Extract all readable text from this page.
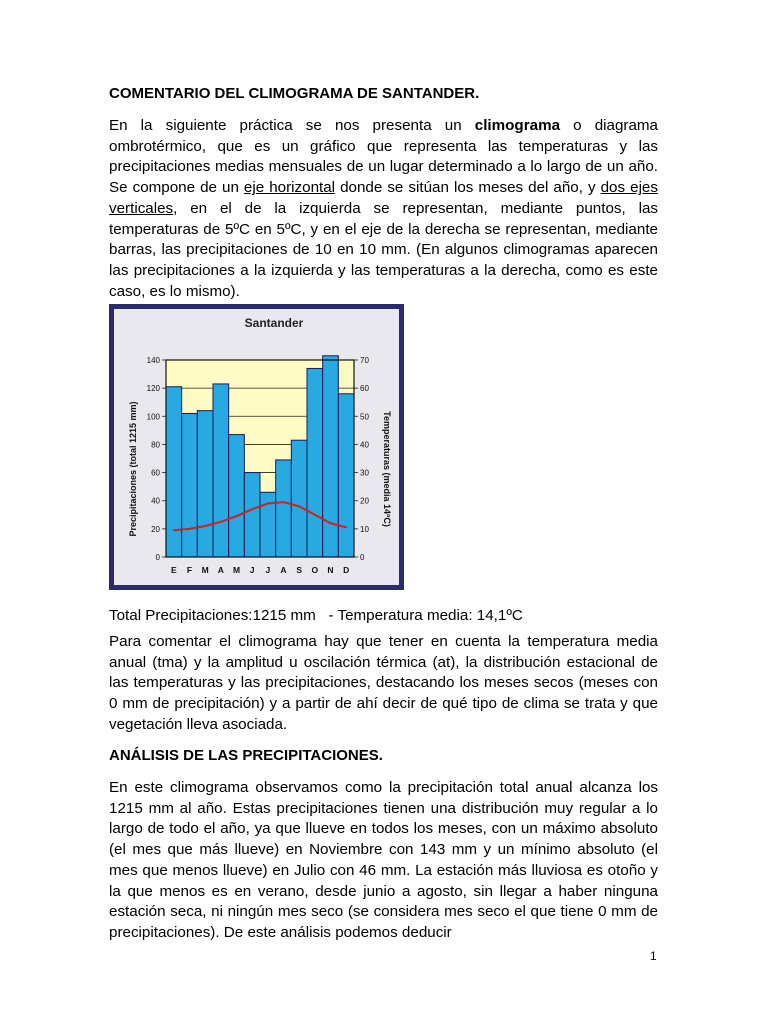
COMENTARIO DEL CLIMOGRAMA DE SANTANDER.

En la siguiente práctica se nos presenta un climograma o diagrama ombrotérmico, que es un gráfico que representa las temperaturas y las precipitaciones medias mensuales de un lugar determinado a lo largo de un año. Se compone de un eje horizontal donde se sitúan los meses del año, y dos ejes verticales, en el de la izquierda se representan, mediante puntos, las temperaturas de 5ºC en 5ºC, y en el eje de la derecha se representan, mediante barras, las precipitaciones de 10 en 10 mm. (En algunos climogramas aparecen las precipitaciones a la izquierda y las temperaturas a la derecha, como es este caso, es lo mismo).

0
20
40
60
80
100
120
140
0
10
20
30
40
50
60
70
E F M A M J J A S O N D
Santander
Precipitaciones (total 1215 mm)	Temperaturas (media 14ºC)
Total Precipitaciones:1215 mm   - Temperatura media: 14,1ºC

Para comentar el climograma hay que tener en cuenta la temperatura media anual (tma) y la amplitud u oscilación térmica (at), la distribución estacional de las temperaturas y las precipitaciones, destacando los meses secos (meses con 0 mm de precipitación) y a partir de ahí decir de qué tipo de clima se trata y que vegetación lleva asociada.

ANÁLISIS DE LAS PRECIPITACIONES.

En este climograma observamos como la precipitación total anual alcanza los 1215 mm al año. Estas precipitaciones tienen una distribución muy regular a lo largo de todo el año, ya que llueve en todos los meses, con un máximo absoluto (el mes que más llueve) en Noviembre con 143 mm y un mínimo absoluto (el mes que menos llueve) en Julio con 46 mm. La estación más lluviosa es otoño y la que menos es en verano, desde junio a agosto, sin llegar a haber ninguna estación seca, ni ningún mes seco (se considera mes seco el que tiene 0 mm de precipitaciones). De este análisis podemos deducir

1
